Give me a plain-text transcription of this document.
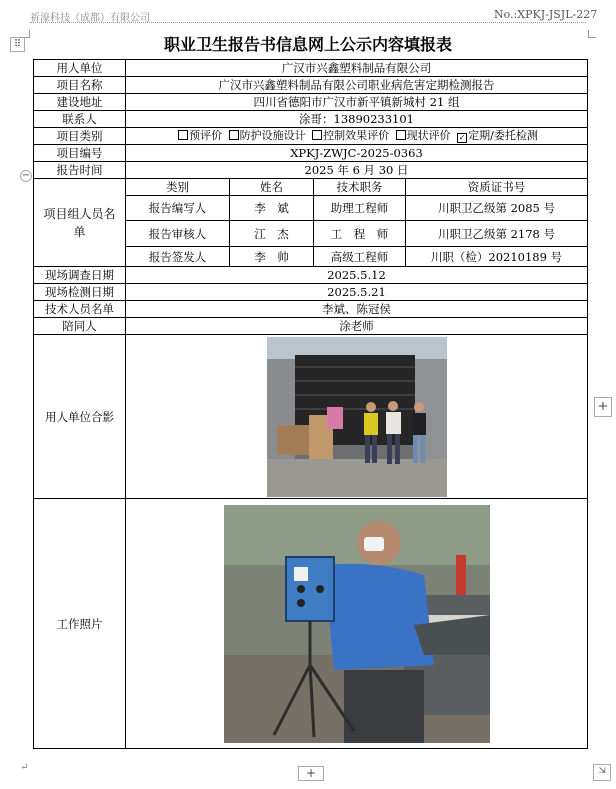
祈濠科技（成都）有限公司	No.:XPKJ-JSJL-227
⠿	职业卫生报告书信息网上公示内容填报表
−
+
+	⇲
↵
用人单位	广汉市兴鑫塑料制品有限公司			
项目名称	广汉市兴鑫塑料制品有限公司职业病危害定期检测报告			
建设地址	四川省德阳市广汉市新平镇新城村 21 组			
联系人	涂哥：13890233101			
项目类别	预评价 防护设施设计 控制效果评价 现状评价 ✓ 定期/委托检测			
项目编号	XPKJ-ZWJC-2025-0363			
报告时间	2025 年 6 月 30 日			
项目组人员名单	类别	姓名	技术职务	资质证书号
	报告编写人	李　斌	助理工程师	川职卫乙级第 2085 号
	报告审核人	江　杰	工　程　师	川职卫乙级第 2178 号
	报告签发人	李　帅	高级工程师	川职（检）20210189 号
现场调查日期	2025.5.12			
现场检测日期	2025.5.21			
技术人员名单	李斌、陈冠侯			
陪同人	涂老师			
用人单位合影	

工作照片	
